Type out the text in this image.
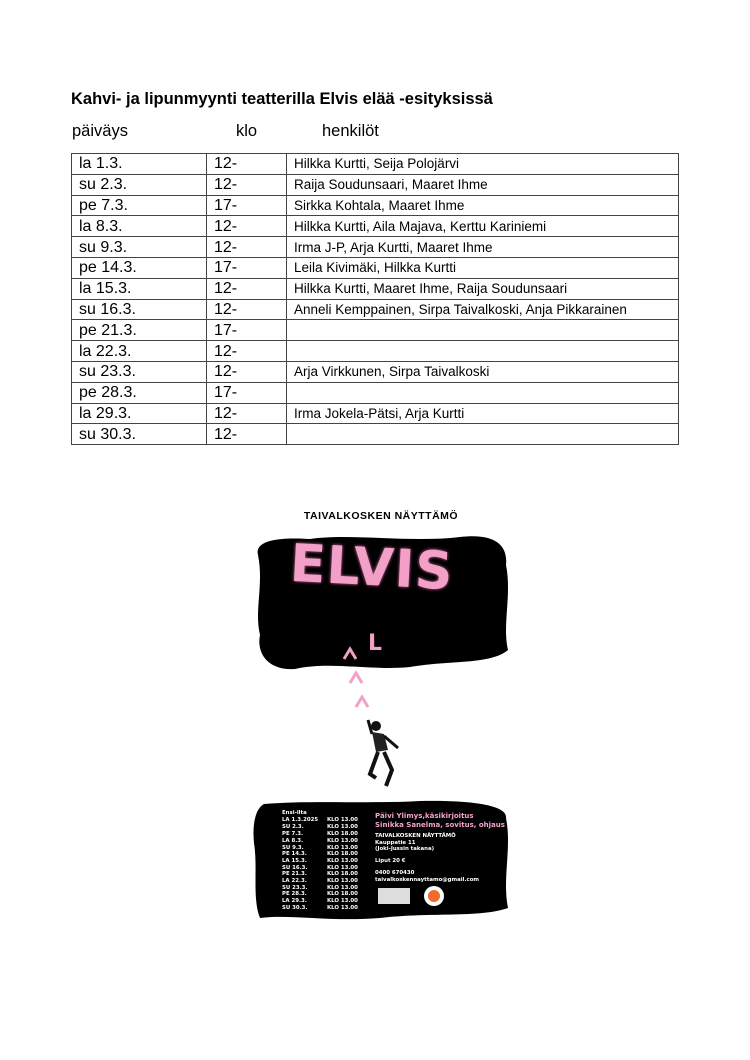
Kahvi- ja lipunmyynti teatterilla Elvis elää -esityksissä
päiväys	klo	henkilöt
la 1.3.	12-	Hilkka Kurtti, Seija Polojärvi
su 2.3.	12-	Raija Soudunsaari, Maaret Ihme
pe 7.3.	17-	Sirkka Kohtala, Maaret Ihme
la 8.3.	12-	Hilkka Kurtti, Aila Majava, Kerttu Kariniemi
su 9.3.	12-	Irma J-P, Arja Kurtti, Maaret Ihme
pe 14.3.	17-	Leila Kivimäki, Hilkka Kurtti
la 15.3.	12-	Hilkka Kurtti, Maaret Ihme, Raija Soudunsaari
su 16.3.	12-	Anneli Kemppainen, Sirpa Taivalkoski, Anja Pikkarainen
pe 21.3.	17-	
la 22.3.	12-	
su 23.3.	12-	Arja Virkkunen, Sirpa Taivalkoski
pe 28.3.	17-	
la 29.3.	12-	Irma Jokela-Pätsi, Arja Kurtti
su 30.3.	12-	
TAIVALKOSKEN NÄYTTÄMÖ
L
ELVIS
Ensi-ilta
LA 1.3.2025	KLO 13.00
SU 2.3.	KLO 13.00
PE 7.3.	KLO 18.00
LA 8.3.	KLO 13.00
SU 9.3.	KLO 13.00
PE 14.3.	KLO 18.00
LA 15.3.	KLO 13.00
SU 16.3.	KLO 13.00
PE 21.3.	KLO 18.00
LA 22.3.	KLO 13.00
SU 23.3.	KLO 13.00
PE 28.3.	KLO 18.00
LA 29.3.	KLO 13.00
SU 30.3.	KLO 13.00
Päivi Ylimys,käsikirjoitus
Sinikka Sanelma, sovitus, ohjaus
TAIVALKOSKEN NÄYTTÄMÖ
Kauppatie 11
(Joki-Jussin takana)
Liput 20 €
0400 670430
taivalkoskennayttamo@gmail.com
